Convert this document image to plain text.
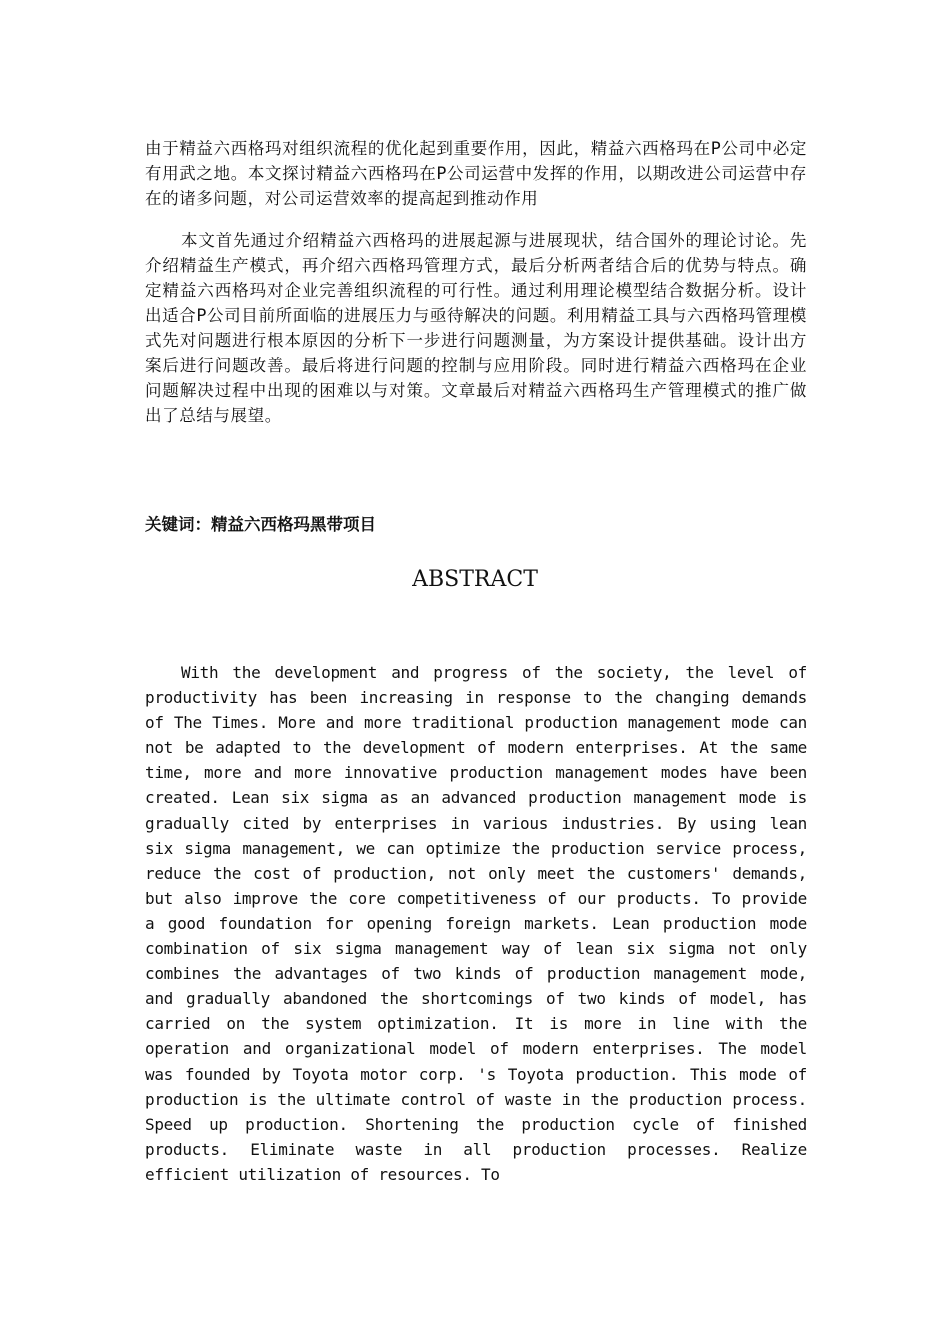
由于精益六西格玛对组织流程的优化起到重要作用，因此，精益六西格玛在P公司中必定有用武之地。本文探讨精益六西格玛在P公司运营中发挥的作用，以期改进公司运营中存在的诸多问题，对公司运营效率的提高起到推动作用

本文首先通过介绍精益六西格玛的进展起源与进展现状，结合国外的理论讨论。先介绍精益生产模式，再介绍六西格玛管理方式，最后分析两者结合后的优势与特点。确定精益六西格玛对企业完善组织流程的可行性。通过利用理论模型结合数据分析。设计出适合P公司目前所面临的进展压力与亟待解决的问题。利用精益工具与六西格玛管理模式先对问题进行根本原因的分析下一步进行问题测量，为方案设计提供基础。设计出方案后进行问题改善。最后将进行问题的控制与应用阶段。同时进行精益六西格玛在企业问题解决过程中出现的困难以与对策。文章最后对精益六西格玛生产管理模式的推广做出了总结与展望。

关键词：精益六西格玛黑带项目

ABSTRACT

With the development and progress of the society, the level of productivity has been increasing in response to the changing demands of The Times. More and more traditional production management mode can not be adapted to the development of modern enterprises. At the same time, more and more innovative production management modes have been created. Lean six sigma as an advanced production management mode is gradually cited by enterprises in various industries. By using lean six sigma management, we can optimize the production service process, reduce the cost of production, not only meet the customers' demands, but also improve the core competitiveness of our products. To provide a good foundation for opening foreign markets. Lean production mode combination of six sigma management way of lean six sigma not only combines the advantages of two kinds of production management mode, and gradually abandoned the shortcomings of two kinds of model, has carried on the system optimization. It is more in line with the operation and organizational model of modern enterprises. The model was founded by Toyota motor corp. 's Toyota production. This mode of production is the ultimate control of waste in the production process. Speed up production. Shortening the production cycle of finished products. Eliminate waste in all production processes. Realize efficient utilization of resources. To
